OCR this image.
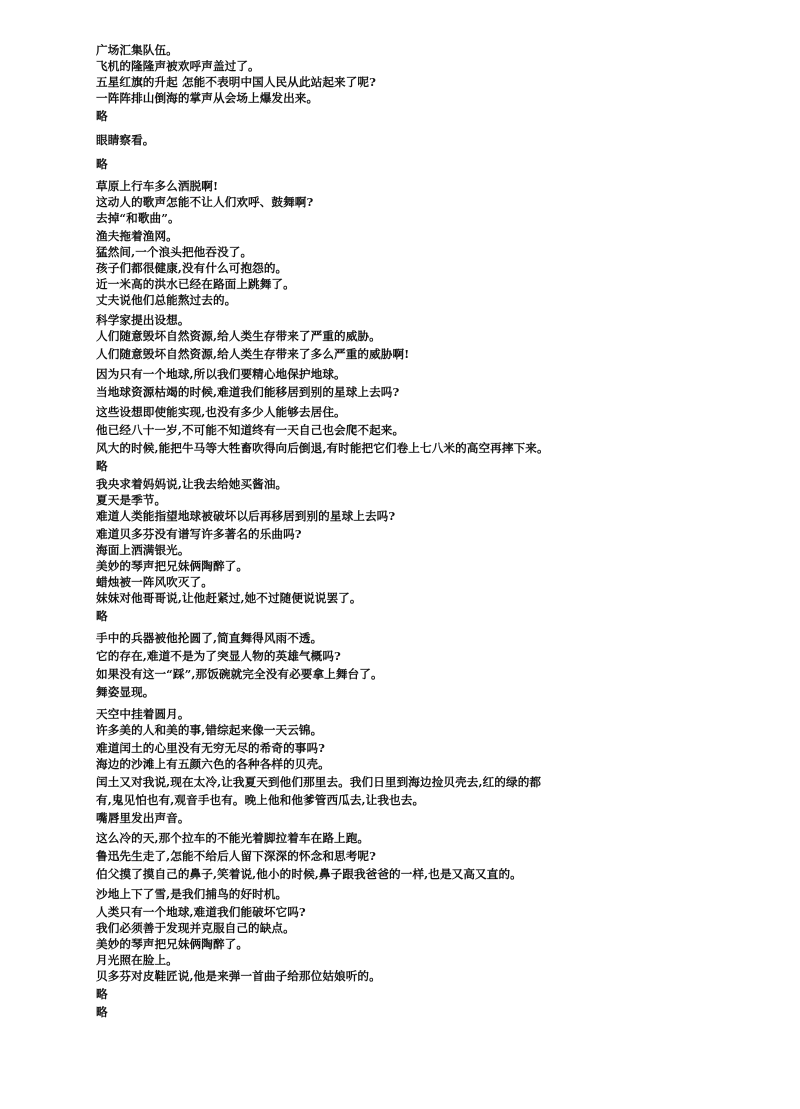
广场汇集队伍。
飞机的隆隆声被欢呼声盖过了。
五星红旗的升起 怎能不表明中国人民从此站起来了呢?
一阵阵排山倒海的掌声从会场上爆发出来。
略
眼睛察看。
略
草原上行车多么洒脱啊!
这动人的歌声怎能不让人们欢呼、鼓舞啊?
去掉“和歌曲”。
渔夫拖着渔网。
猛然间,一个浪头把他吞没了。
孩子们都很健康,没有什么可抱怨的。
近一米高的洪水已经在路面上跳舞了。
丈夫说他们总能熬过去的。
科学家提出设想。
人们随意毁坏自然资源,给人类生存带来了严重的威胁。
人们随意毁坏自然资源,给人类生存带来了多么严重的威胁啊!
因为只有一个地球,所以我们要精心地保护地球。
当地球资源枯竭的时候,难道我们能移居到别的星球上去吗?
这些设想即使能实现,也没有多少人能够去居住。
他已经八十一岁,不可能不知道终有一天自己也会爬不起来。
风大的时候,能把牛马等大牲畜吹得向后倒退,有时能把它们卷上七八米的高空再摔下来。
略
我央求着妈妈说,让我去给她买酱油。
夏天是季节。
难道人类能指望地球被破坏以后再移居到别的星球上去吗?
难道贝多芬没有谱写许多著名的乐曲吗?
海面上洒满银光。
美妙的琴声把兄妹俩陶醉了。
蜡烛被一阵风吹灭了。
妹妹对他哥哥说,让他赶紧过,她不过随便说说罢了。
略
手中的兵器被他抡圆了,简直舞得风雨不透。
它的存在,难道不是为了突显人物的英雄气概吗?
如果没有这一“踩”,那饭碗就完全没有必要拿上舞台了。
舞姿显现。
天空中挂着圆月。
许多美的人和美的事,错综起来像一天云锦。
难道闰土的心里没有无穷无尽的希奇的事吗?
海边的沙滩上有五颜六色的各种各样的贝壳。
闰土又对我说,现在太冷,让我夏天到他们那里去。我们日里到海边捡贝壳去,红的绿的都
有,鬼见怕也有,观音手也有。晚上他和他爹管西瓜去,让我也去。
嘴唇里发出声音。
这么冷的天,那个拉车的不能光着脚拉着车在路上跑。
鲁迅先生走了,怎能不给后人留下深深的怀念和思考呢?
伯父摸了摸自己的鼻子,笑着说,他小的时候,鼻子跟我爸爸的一样,也是又高又直的。
沙地上下了雪,是我们捕鸟的好时机。
人类只有一个地球,难道我们能破坏它吗?
我们必须善于发现并克服自己的缺点。
美妙的琴声把兄妹俩陶醉了。
月光照在脸上。
贝多芬对皮鞋匠说,他是来弹一首曲子给那位姑娘听的。
略
略
